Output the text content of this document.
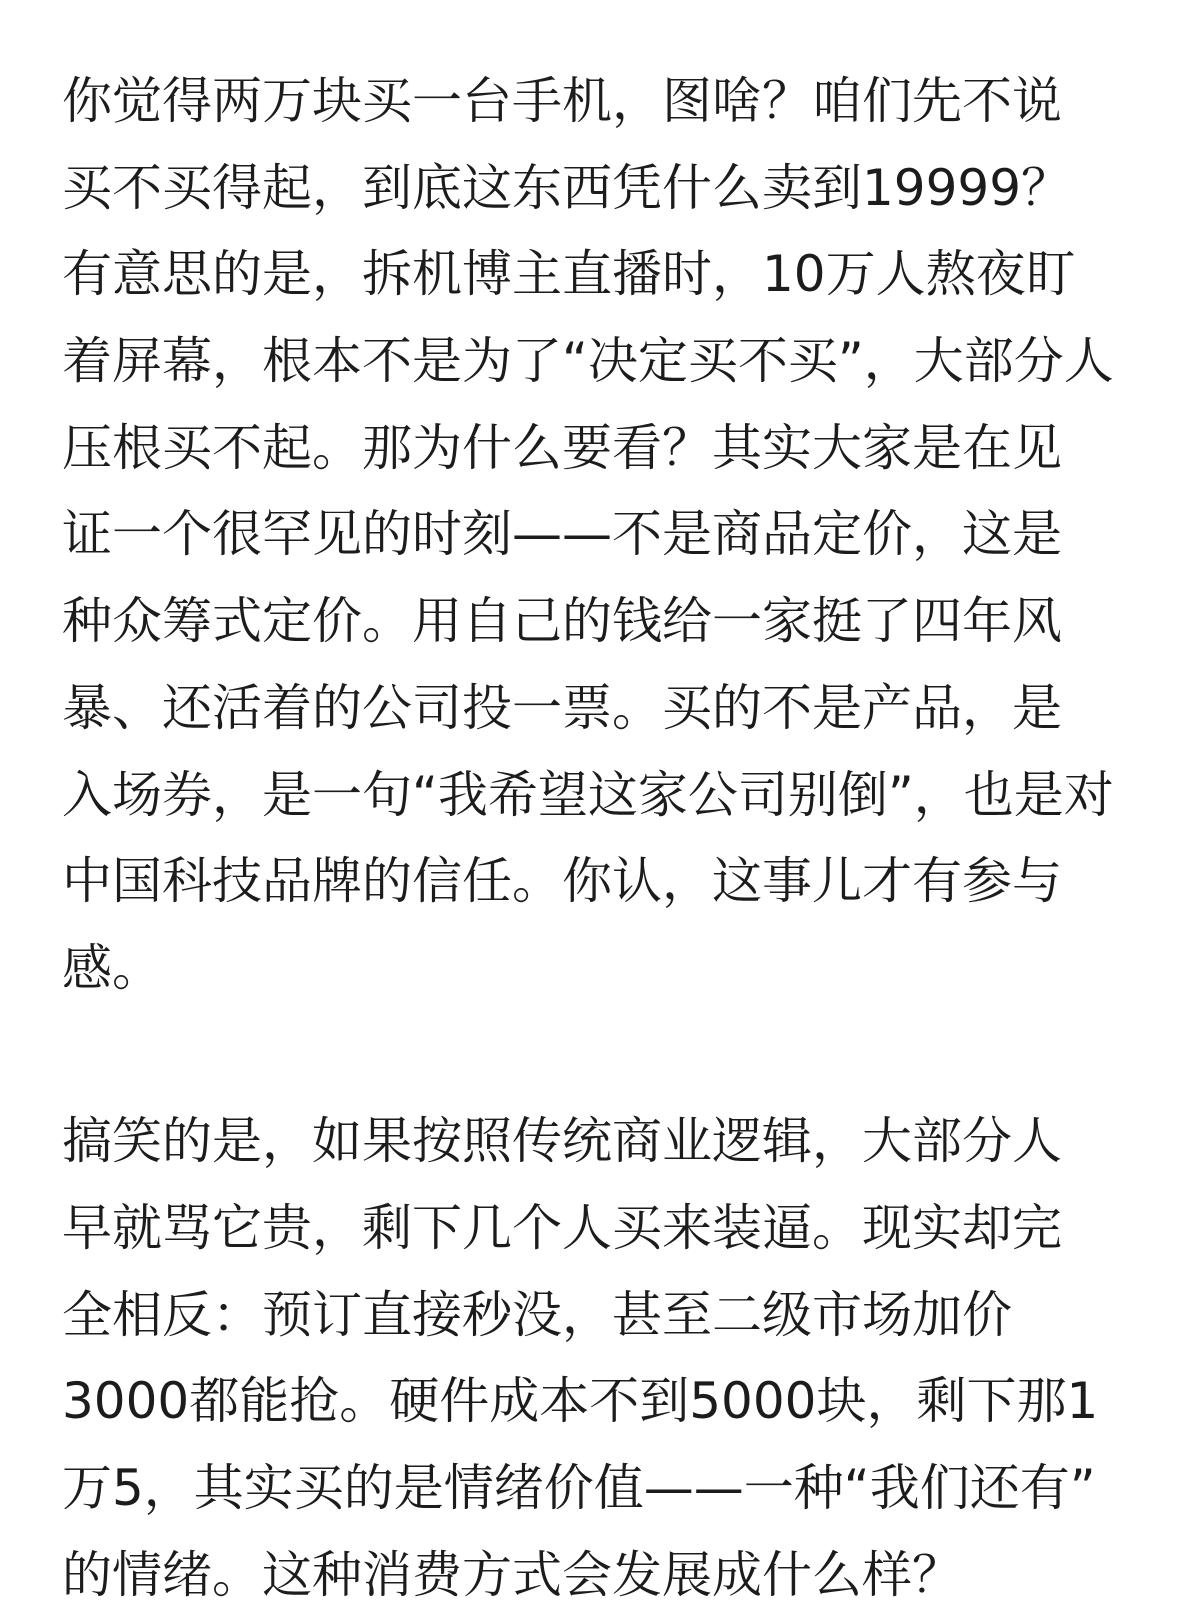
你觉得两万块买一台手机，图啥？咱们先不说
买不买得起，到底这东西凭什么卖到19999？
有意思的是，拆机博主直播时，10万人熬夜盯
着屏幕，根本不是为了“决定买不买”，大部分人
压根买不起。那为什么要看？其实大家是在见
证一个很罕见的时刻——不是商品定价，这是
种众筹式定价。用自己的钱给一家挺了四年风
暴、还活着的公司投一票。买的不是产品，是
入场券，是一句“我希望这家公司别倒”，也是对
中国科技品牌的信任。你认，这事儿才有参与
感。
搞笑的是，如果按照传统商业逻辑，大部分人
早就骂它贵，剩下几个人买来装逼。现实却完
全相反：预订直接秒没，甚至二级市场加价
3000都能抢。硬件成本不到5000块，剩下那1
万5，其实买的是情绪价值——一种“我们还有”
的情绪。这种消费方式会发展成什么样？
